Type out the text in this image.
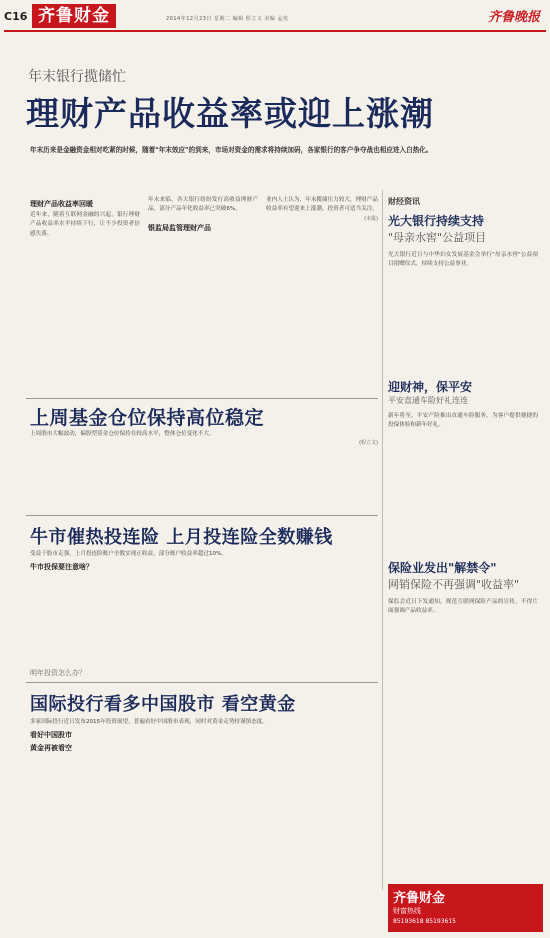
C16 齐鲁财金	2014年12月23日 星期二 编辑 程立文 美编 孟宪	齐鲁晚报
年末银行揽储忙
理财产品收益率或迎上涨潮
年末历来是金融资金相对吃紧的时候，随着"年末效应"的到来，市场对资金的需求将持续加码，各家银行的客户争夺战也相应进入白热化。
理财产品收益率回暖
近年来，随着互联网金融的兴起，银行理财产品收益率水平持续下行，让不少投资者倍感失落。
年末来临，各大银行纷纷发行高收益理财产品，部分产品年化收益率已突破6%。
银监局监管理财产品
业内人士认为，年末揽储压力较大，理财产品收益率有望迎来上涨潮，投资者可适当关注。
(本报)
财经资讯
光大银行持续支持
"母亲水窖"公益项目
光大银行近日与中华妇女发展基金会举行"母亲水窖"公益项目捐赠仪式，持续支持公益事业。
迎财神，保平安
平安直通车险好礼连连
新年将至，平安产险推出直通车险服务，为客户提供便捷的投保体验和新年好礼。
保险业发出"解禁令"
网销保险不再强调"收益率"
保监会近日下发通知，规范互联网保险产品的宣传，不得片面强调产品收益率。
上周基金仓位保持高位稳定
上周股市大幅波动，偏股型基金仓位保持在较高水平，整体仓位变化不大。
(程立文)
牛市催热投连险 上月投连险全数赚钱
受益于股市走强，上月投连险账户全数实现正收益，部分账户收益率超过10%。
牛市投保要注意啥？
明年投资怎么办？
国际投行看多中国股市 看空黄金
多家国际投行近日发布2015年投资展望，普遍看好中国股市表现，同时对黄金走势持谨慎态度。
看好中国股市
黄金再被看空
齐鲁财金
财富热线
85193618 85193615
